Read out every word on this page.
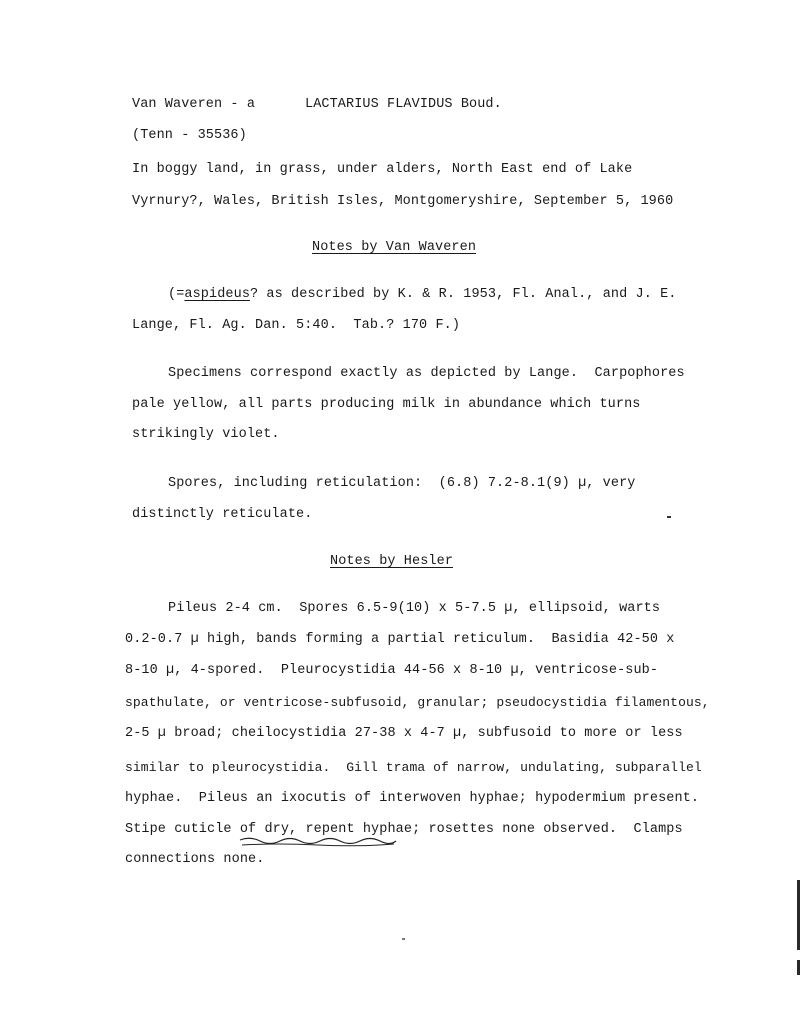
Van Waveren - a	LACTARIUS FLAVIDUS Boud.
(Tenn - 35536)
In boggy land, in grass, under alders, North East end of Lake
Vyrnury?, Wales, British Isles, Montgomeryshire, September 5, 1960
Notes by Van Waveren
(=aspideus? as described by K. & R. 1953, Fl. Anal., and J. E.
Lange, Fl. Ag. Dan. 5:40.  Tab.? 170 F.)
Specimens correspond exactly as depicted by Lange.  Carpophores
pale yellow, all parts producing milk in abundance which turns
strikingly violet.
Spores, including reticulation:  (6.8) 7.2-8.1(9) µ, very
distinctly reticulate.
Notes by Hesler
Pileus 2-4 cm.  Spores 6.5-9(10) x 5-7.5 µ, ellipsoid, warts
0.2-0.7 µ high, bands forming a partial reticulum.  Basidia 42-50 x
8-10 µ, 4-spored.  Pleurocystidia 44-56 x 8-10 µ, ventricose-sub-
spathulate, or ventricose-subfusoid, granular; pseudocystidia filamentous,
2-5 µ broad; cheilocystidia 27-38 x 4-7 µ, subfusoid to more or less
similar to pleurocystidia.  Gill trama of narrow, undulating, subparallel
hyphae.  Pileus an ixocutis of interwoven hyphae; hypodermium present.
Stipe cuticle of dry, repent hyphae; rosettes none observed.  Clamps
connections none.
